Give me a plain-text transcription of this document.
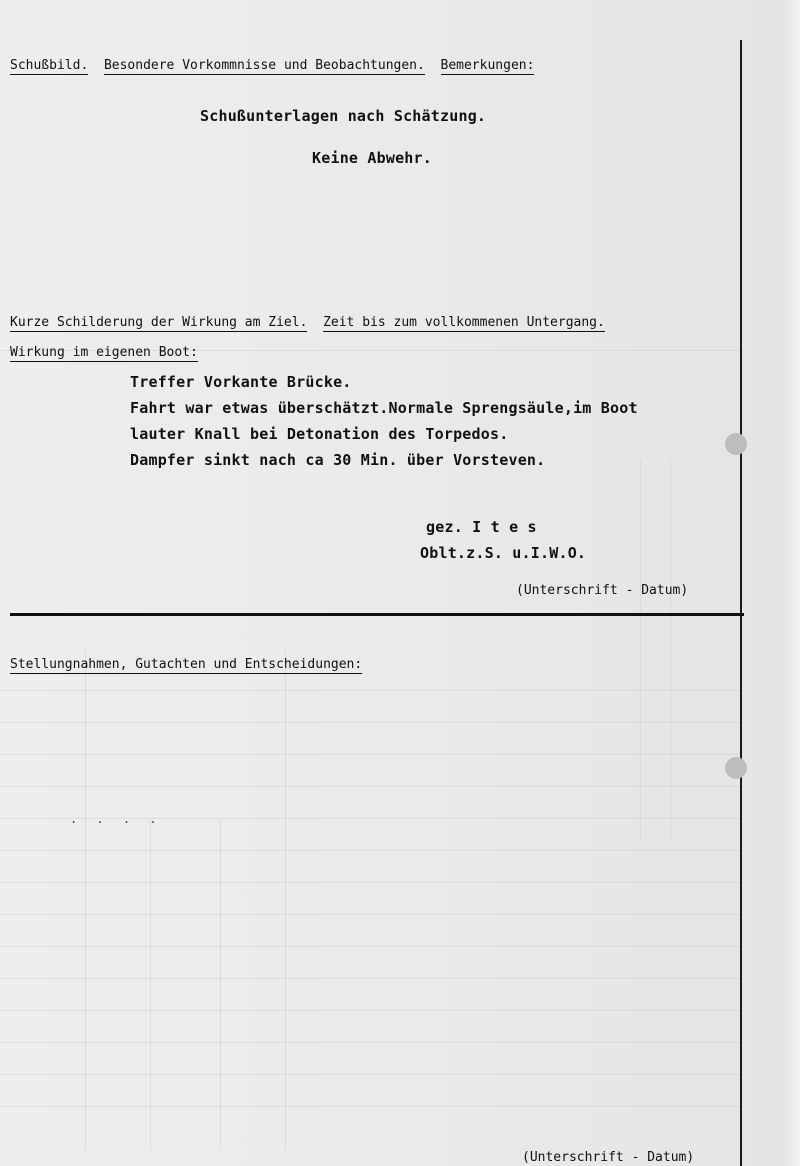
Schußbild. Besondere Vorkommnisse und Beobachtungen. Bemerkungen:
Schußunterlagen nach Schätzung.
Keine Abwehr.
Kurze Schilderung der Wirkung am Ziel. Zeit bis zum vollkommenen Untergang.
Wirkung im eigenen Boot:
Treffer Vorkante Brücke.
Fahrt war etwas überschätzt.Normale Sprengsäule,im Boot
lauter Knall bei Detonation des Torpedos.
Dampfer sinkt nach ca 30 Min. über Vorsteven.
gez. I t e s
Oblt.z.S. u.I.W.O.
(Unterschrift - Datum)
Stellungnahmen, Gutachten und Entscheidungen:
. . . .
(Unterschrift - Datum)
